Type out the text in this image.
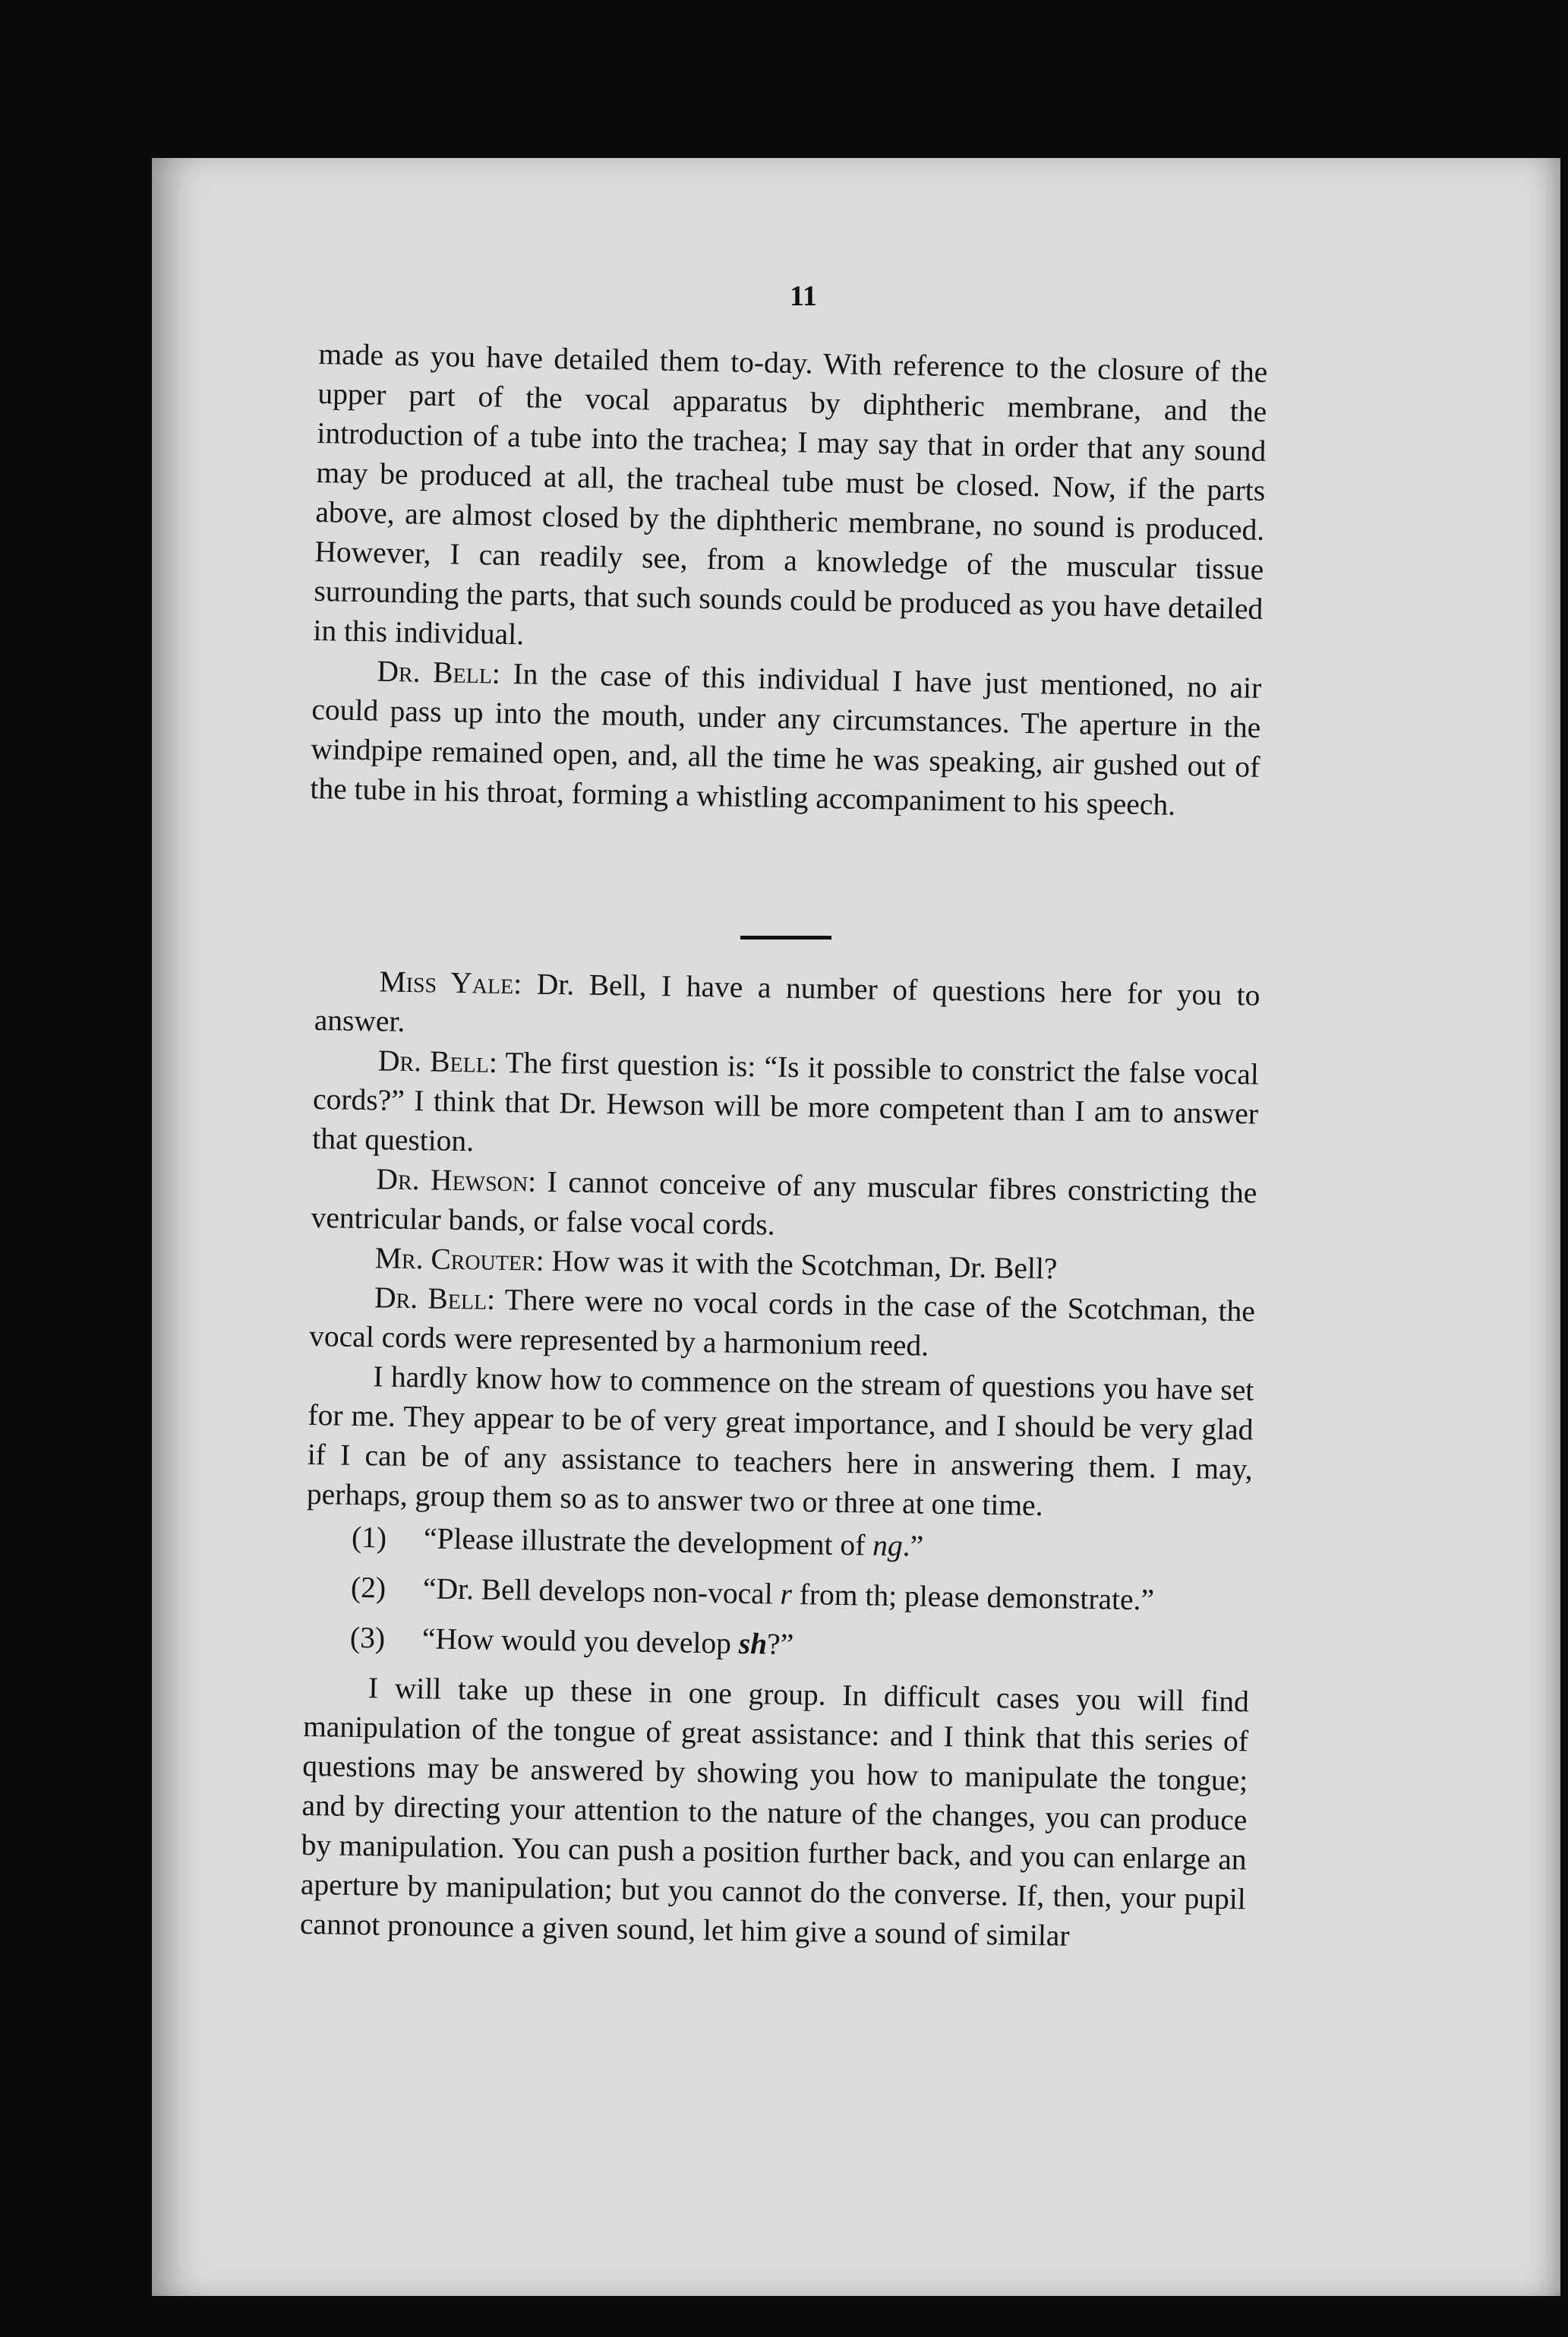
11

made as you have detailed them to-day. With reference to the closure of the upper part of the vocal apparatus by diphtheric membrane, and the introduction of a tube into the trachea; I may say that in order that any sound may be produced at all, the tracheal tube must be closed. Now, if the parts above, are almost closed by the diphtheric membrane, no sound is produced. However, I can readily see, from a knowledge of the muscular tissue surrounding the parts, that such sounds could be produced as you have detailed in this individual.

Dr. Bell: In the case of this individual I have just mentioned, no air could pass up into the mouth, under any circumstances. The aperture in the windpipe remained open, and, all the time he was speaking, air gushed out of the tube in his throat, forming a whistling accompaniment to his speech.

Miss Yale: Dr. Bell, I have a number of questions here for you to answer.

Dr. Bell: The first question is: “Is it possible to constrict the false vocal cords?” I think that Dr. Hewson will be more competent than I am to answer that question.

Dr. Hewson: I cannot conceive of any muscular fibres constricting the ventricular bands, or false vocal cords.

Mr. Crouter: How was it with the Scotchman, Dr. Bell?

Dr. Bell: There were no vocal cords in the case of the Scotchman, the vocal cords were represented by a harmonium reed.

I hardly know how to commence on the stream of questions you have set for me. They appear to be of very great importance, and I should be very glad if I can be of any assistance to teachers here in answering them. I may, perhaps, group them so as to answer two or three at one time.

(1) “Please illustrate the development of ng.”

(2) “Dr. Bell develops non-vocal r from th; please demonstrate.”

(3) “How would you develop sh?”

I will take up these in one group. In difficult cases you will find manipulation of the tongue of great assistance: and I think that this series of questions may be answered by showing you how to manipulate the tongue; and by directing your attention to the nature of the changes, you can produce by manipulation. You can push a position further back, and you can enlarge an aperture by manipulation; but you cannot do the converse. If, then, your pupil cannot pronounce a given sound, let him give a sound of similar
